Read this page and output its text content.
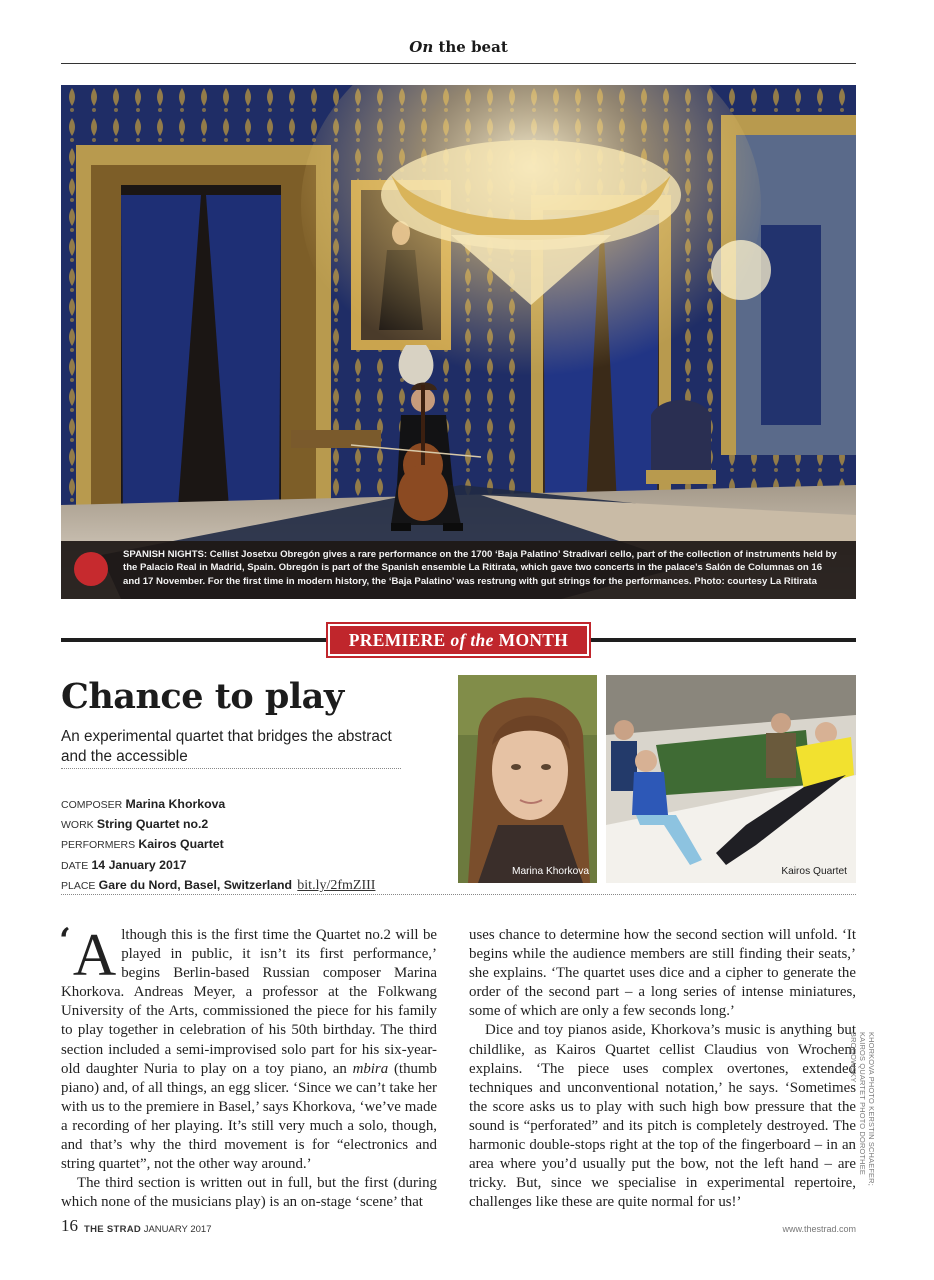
On the beat
SPANISH NIGHTS: Cellist Josetxu Obregón gives a rare performance on the 1700 ‘Baja Palatino’ Stradivari cello, part of the collection of instruments held by the Palacio Real in Madrid, Spain. Obregón is part of the Spanish ensemble La Ritirata, which gave two concerts in the palace’s Salón de Columnas on 16 and 17 November. For the first time in modern history, the ‘Baja Palatino’ was restrung with gut strings for the performances. Photo: courtesy La Ritirata
PREMIERE of the MONTH
Chance to play
An experimental quartet that bridges the abstract and the accessible
COMPOSER Marina Khorkova
WORK String Quartet no.2
PERFORMERS Kairos Quartet
DATE 14 January 2017
PLACE Gare du Nord, Basel, Switzerland bit.ly/2fmZIII
Marina Khorkova	Kairos Quartet

‘ A lthough this is the first time the Quartet no.2 will be played in public, it isn’t its first performance,’ begins Berlin-based Russian composer Marina Khorkova. Andreas Meyer, a professor at the Folkwang University of the Arts, commissioned the piece for his family to play together in celebration of his 50th birthday. The third section included a semi-improvised solo part for his six-year-old daughter Nuria to play on a toy piano, an mbira (thumb piano) and, of all things, an egg slicer. ‘Since we can’t take her with us to the premiere in Basel,’ says Khorkova, ‘we’ve made a recording of her playing. It’s still very much a solo, though, and that’s why the third movement is for “electronics and string quartet”, not the other way around.’

The third section is written out in full, but the first (during which none of the musicians play) is an on-stage ‘scene’ that

uses chance to determine how the second section will unfold. ‘It begins while the audience members are still finding their seats,’ she explains. ‘The quartet uses dice and a cipher to generate the order of the second part – a long series of intense miniatures, some of which are only a few seconds long.’

Dice and toy pianos aside, Khorkova’s music is anything but childlike, as Kairos Quartet cellist Claudius von Wrochem explains. ‘The piece uses complex overtones, extended techniques and unconventional notation,’ he says. ‘Sometimes the score asks us to play with such high bow pressure that the sound is “perforated” and its pitch is completely destroyed. The harmonic double-stops right at the top of the fingerboard – in an area where you’d usually put the bow, not the left hand – are tricky. But, since we specialise in experimental repertoire, challenges like these are quite normal for us!’

KHORKOVA PHOTO KERSTIN SCHAEFER; KAIROS QUARTET PHOTO DOROTHEE BRODOWSKY
16 THE STRAD JANUARY 2017	www.thestrad.com
